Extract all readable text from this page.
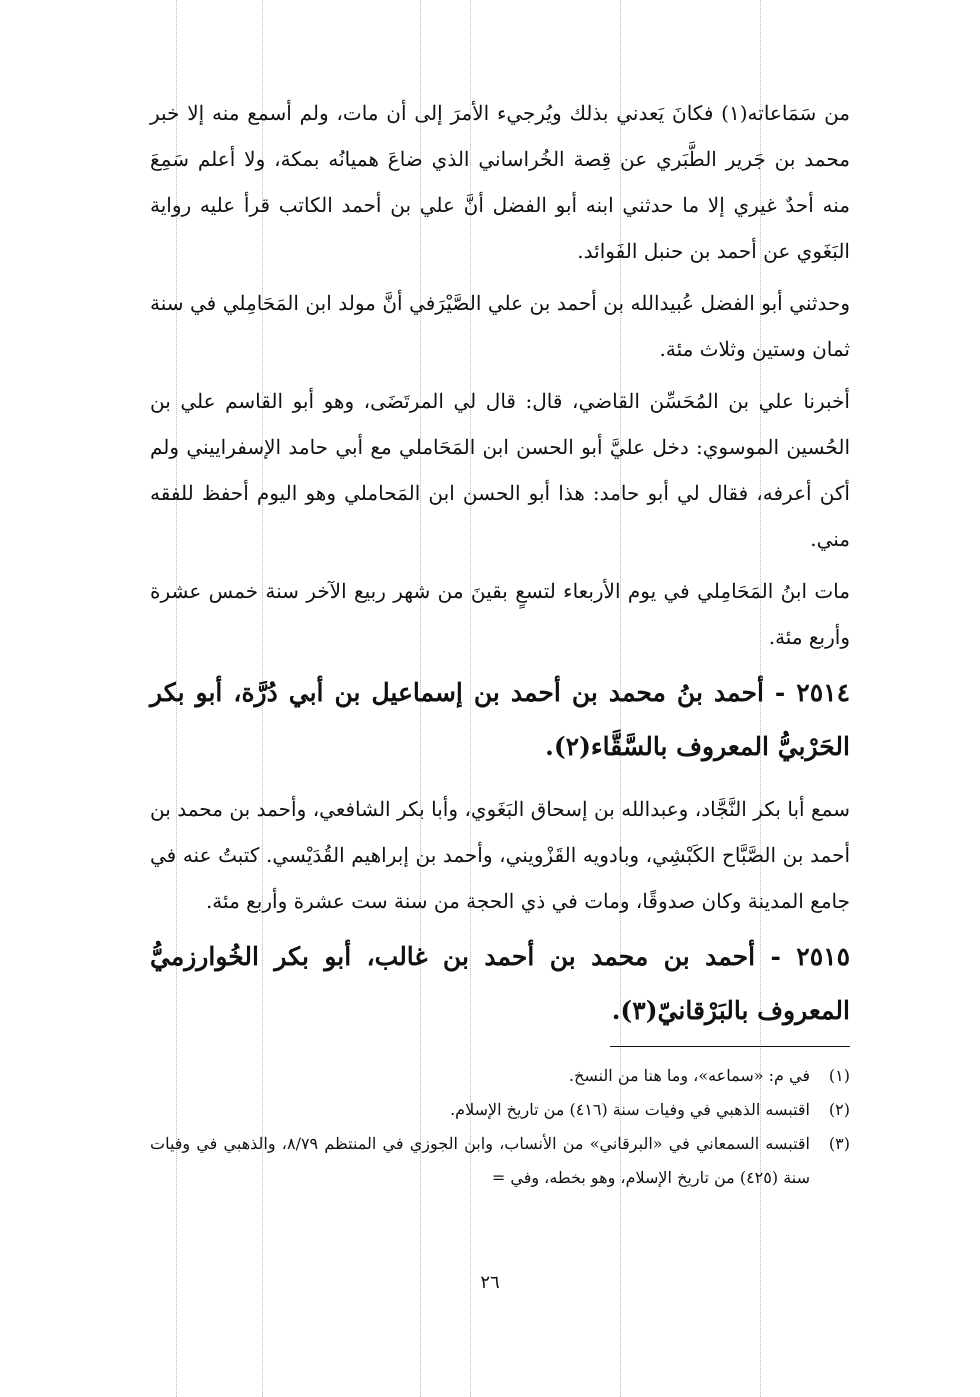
من سَمَاعاته(١) فكانَ يَعدني بذلك ويُرجيء الأمرَ إلى أن مات، ولم أسمع منه إلا خبر محمد بن جَرير الطَّبَري عن قِصة الخُراساني الذي ضاعَ هميانُه بمكة، ولا أعلم سَمِعَ منه أحدٌ غيري إلا ما حدثني ابنه أبو الفضل أنَّ علي بن أحمد الكاتب قرأ عليه رواية البَغَوي عن أحمد بن حنبل الفَوائد.

وحدثني أبو الفضل عُبيدالله بن أحمد بن علي الصَّيْرَفي أنَّ مولد ابن المَحَامِلي في سنة ثمان وستين وثلاث مئة.

أخبرنا علي بن المُحَسِّن القاضي، قال: قال لي المرتَضَى، وهو أبو القاسم علي بن الحُسين الموسوي: دخل عليَّ أبو الحسن ابن المَحَاملي مع أبي حامد الإسفراييني ولم أكن أعرفه، فقال لي أبو حامد: هذا أبو الحسن ابن المَحاملي وهو اليوم أحفظ للفقه مني.

مات ابنُ المَحَامِلي في يوم الأربعاء لتسعٍ بقينَ من شهر ربيع الآخر سنة خمس عشرة وأربع مئة.

٢٥١٤ - أحمد بنُ محمد بن أحمد بن إسماعيل بن أبي دُرَّة، أبو بكر الحَرْبيُّ المعروف بالسَّقَّاء(٢).

سمع أبا بكر النَّجَّاد، وعبدالله بن إسحاق البَغَوي، وأبا بكر الشافعي، وأحمد بن محمد بن أحمد بن الصَّبَّاح الكَبْشِي، وبادويه القَزْويني، وأحمد بن إبراهيم القُدَيْسي. كتبتُ عنه في جامع المدينة وكان صدوقًا، ومات في ذي الحجة من سنة ست عشرة وأربع مئة.

٢٥١٥ - أحمد بن محمد بن أحمد بن غالب، أبو بكر الخُوارزميُّ المعروف بالبَرْقانيّ(٣).

(١)
في م: «سماعه»، وما هنا من النسخ.
(٢)
اقتبسه الذهبي في وفيات سنة (٤١٦) من تاريخ الإسلام.
(٣)
اقتبسه السمعاني في «البرقاني» من الأنساب، وابن الجوزي في المنتظم ٨/٧٩، والذهبي في وفيات سنة (٤٢٥) من تاريخ الإسلام، وهو بخطه، وفي =
٢٦
